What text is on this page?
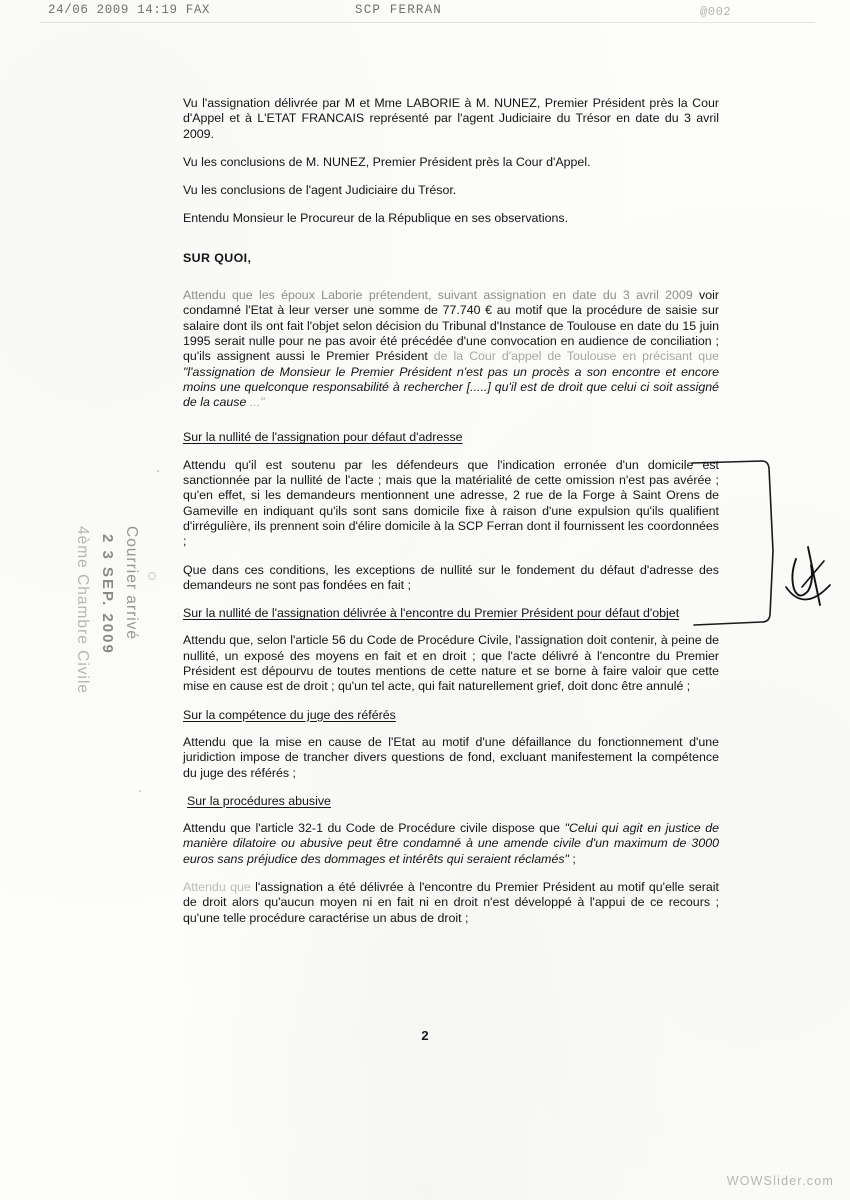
24/06 2009 14:19 FAX	SCP FERRAN	@002
Courrier arrivé
2 3 SEP. 2009
4ème Chambre Civile

Vu l'assignation délivrée par M et Mme LABORIE à M. NUNEZ, Premier Président près la Cour d'Appel et à L'ETAT FRANCAIS représenté par l'agent Judiciaire du Trésor en date du 3 avril 2009.

Vu les conclusions de M. NUNEZ, Premier Président près la Cour d'Appel.

Vu les conclusions de l'agent Judiciaire du Trésor.

Entendu Monsieur le Procureur de la République en ses observations.

SUR QUOI,

Attendu que les époux Laborie prétendent, suivant assignation en date du 3 avril 2009 voir condamné l'Etat à leur verser une somme de 77.740 € au motif que la procédure de saisie sur salaire dont ils ont fait l'objet selon décision du Tribunal d'Instance de Toulouse en date du 15 juin 1995 serait nulle pour ne pas avoir été précédée d'une convocation en audience de conciliation ; qu'ils assignent aussi le Premier Président de la Cour d'appel de Toulouse en précisant que "l'assignation de Monsieur le Premier Président n'est pas un procès a son encontre et encore moins une quelconque responsabilité à rechercher [.....] qu'il est de droit que celui ci soit assigné de la cause ..."

Sur la nullité de l'assignation pour défaut d'adresse

Attendu qu'il est soutenu par les défendeurs que l'indication erronée d'un domicile est sanctionnée par la nullité de l'acte ; mais que la matérialité de cette omission n'est pas avérée ; qu'en effet, si les demandeurs mentionnent une adresse, 2 rue de la Forge à Saint Orens de Gameville en indiquant qu'ils sont sans domicile fixe à raison d'une expulsion qu'ils qualifient d'irrégulière, ils prennent soin d'élire domicile à la SCP Ferran dont il fournissent les coordonnées ;

Que dans ces conditions, les exceptions de nullité sur le fondement du défaut d'adresse des demandeurs ne sont pas fondées en fait ;

Sur la nullité de l'assignation délivrée à l'encontre du Premier Président pour défaut d'objet

Attendu que, selon l'article 56 du Code de Procédure Civile, l'assignation doit contenir, à peine de nullité, un exposé des moyens en fait et en droit ; que l'acte délivré à l'encontre du Premier Président est dépourvu de toutes mentions de cette nature et se borne à faire valoir que cette mise en cause est de droit ; qu'un tel acte, qui fait naturellement grief, doit donc être annulé ;

Sur la compétence du juge des référés

Attendu que la mise en cause de l'Etat au motif d'une défaillance du fonctionnement d'une juridiction impose de trancher divers questions de fond, excluant manifestement la compétence du juge des référés ;

Sur la procédures abusive

Attendu que l'article 32-1 du Code de Procédure civile dispose que "Celui qui agit en justice de manière dilatoire ou abusive peut être condamné à une amende civile d'un maximum de 3000 euros sans préjudice des dommages et intérêts qui seraient réclamés" ;

Attendu que l'assignation a été délivrée à l'encontre du Premier Président au motif qu'elle serait de droit alors qu'aucun moyen ni en fait ni en droit n'est développé à l'appui de ce recours ; qu'une telle procédure caractérise un abus de droit ;

2
WOWSlider.com
